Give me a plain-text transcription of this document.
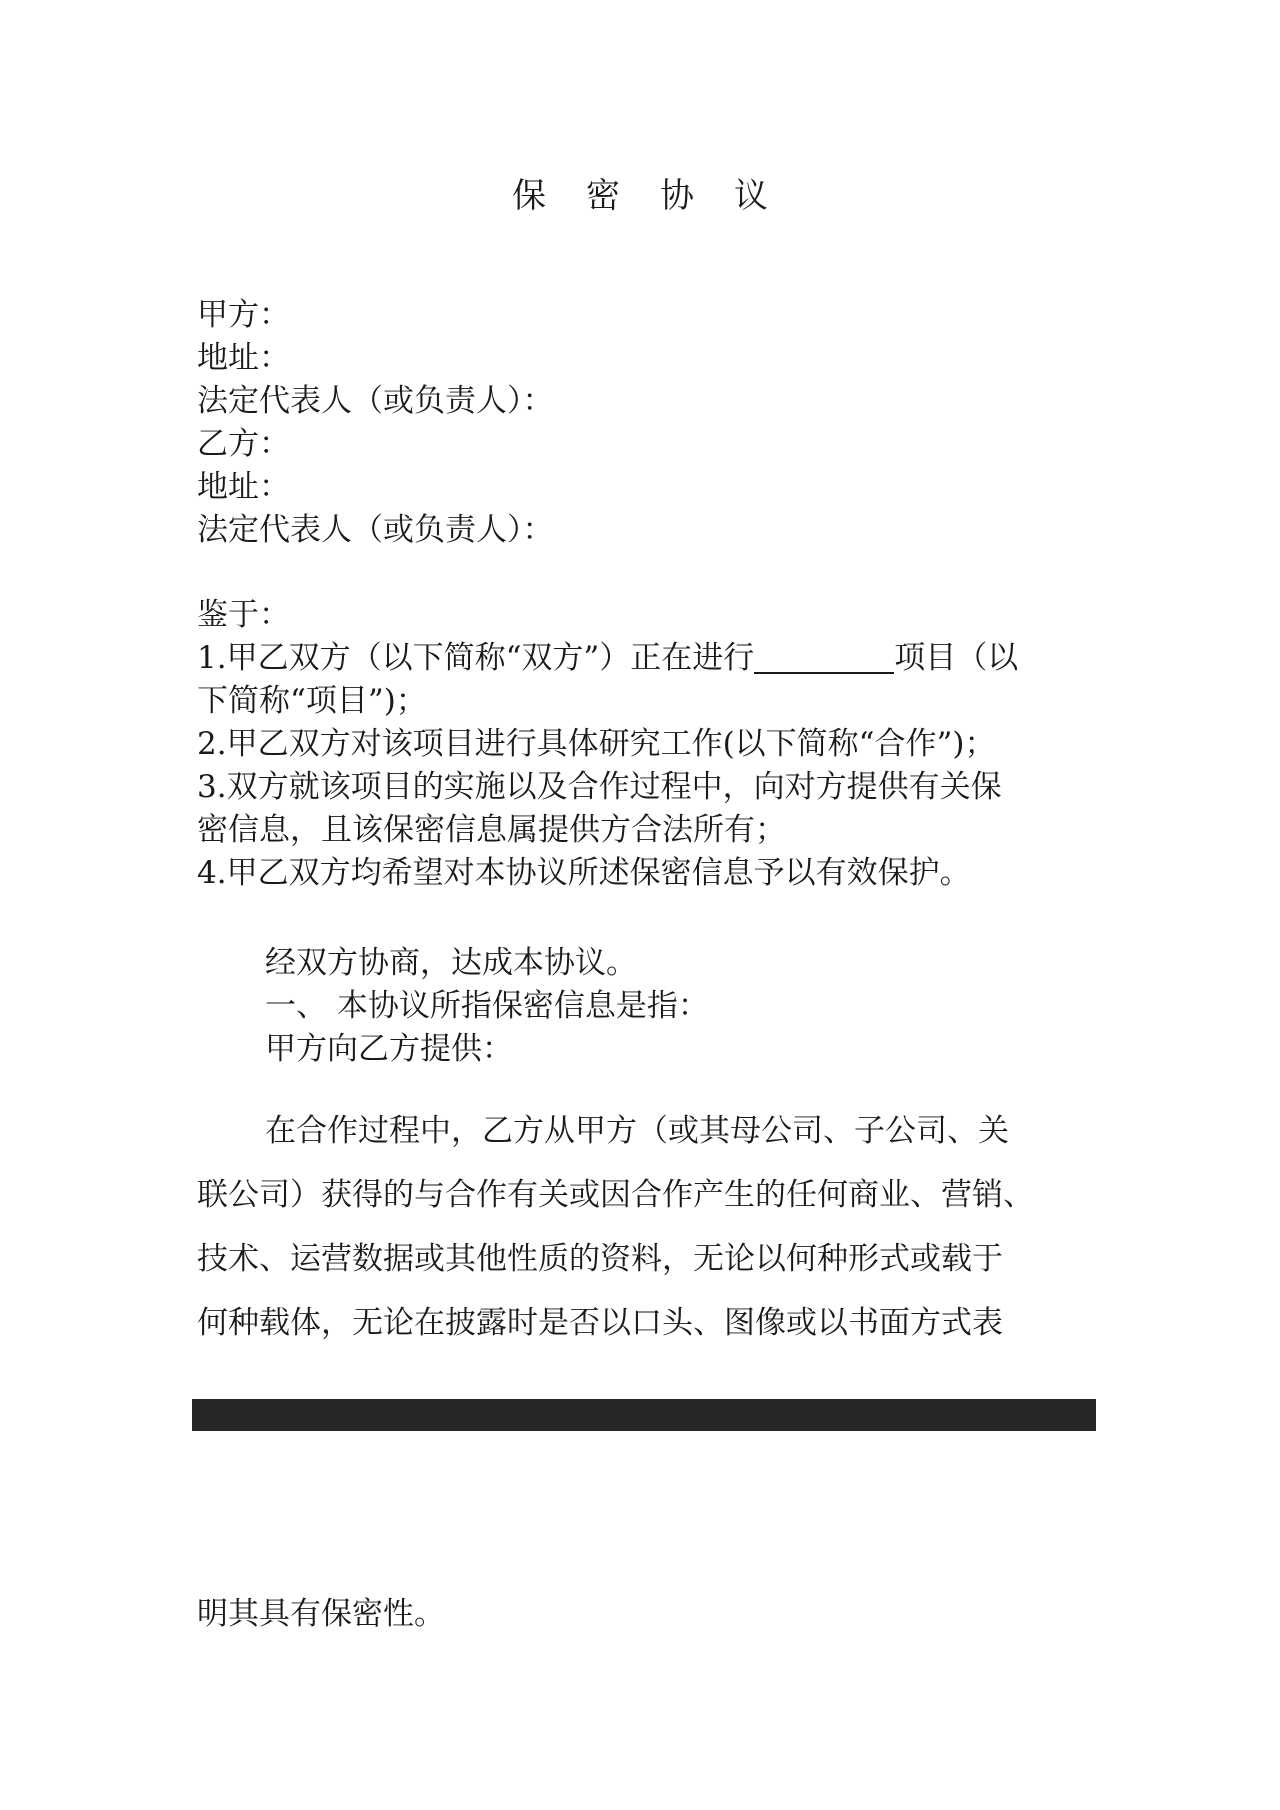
保 密 协 议
甲方：
地址：
法定代表人（或负责人）：
乙方：
地址：
法定代表人（或负责人）：
鉴于：
1.甲乙双方（以下简称“双方”）正在进行	项目（以
下简称“项目”)；
2.甲乙双方对该项目进行具体研究工作(以下简称“合作”)；
3.双方就该项目的实施以及合作过程中，向对方提供有关保
密信息，且该保密信息属提供方合法所有；
4.甲乙双方均希望对本协议所述保密信息予以有效保护。
经双方协商，达成本协议。
一、 本协议所指保密信息是指：
甲方向乙方提供：
在合作过程中，乙方从甲方（或其母公司、子公司、关
联公司）获得的与合作有关或因合作产生的任何商业、营销、
技术、运营数据或其他性质的资料，无论以何种形式或载于
何种载体，无论在披露时是否以口头、图像或以书面方式表
明其具有保密性。
